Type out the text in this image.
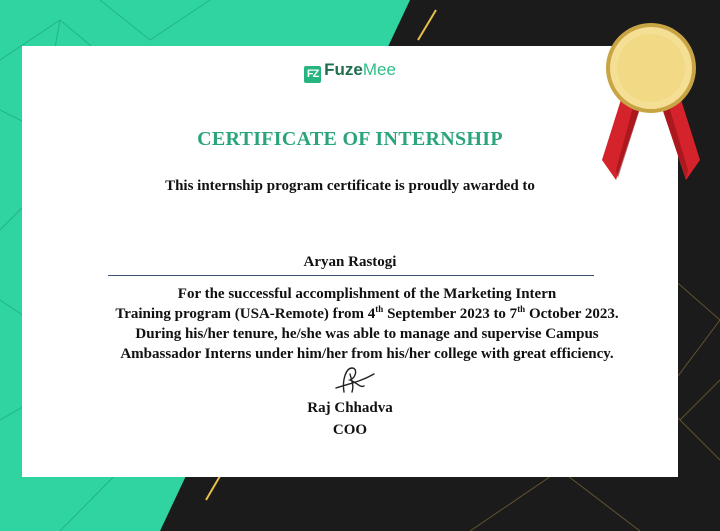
FZ FuzeMee
CERTIFICATE OF INTERNSHIP
This internship program certificate is proudly awarded to
Aryan Rastogi
For the successful accomplishment of the Marketing Intern
Training program (USA-Remote) from 4th September 2023 to 7th October 2023.
During his/her tenure, he/she was able to manage and supervise Campus
Ambassador Interns under him/her from his/her college with great efficiency.
Raj Chhadva
COO
